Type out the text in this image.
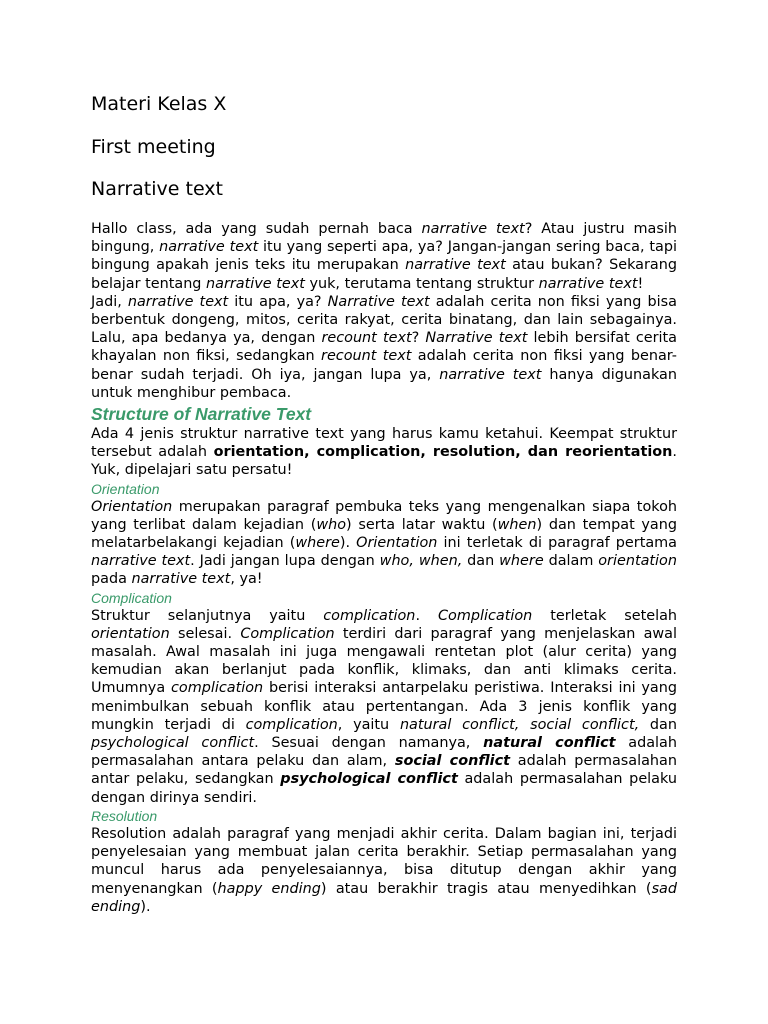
Materi Kelas X
First meeting
Narrative text

Hallo class, ada yang sudah pernah baca narrative text? Atau justru masih bingung, narrative text itu yang seperti apa, ya? Jangan-jangan sering baca, tapi bingung apakah jenis teks itu merupakan narrative text atau bukan? Sekarang belajar tentang narrative text yuk, terutama tentang struktur narrative text!

Jadi, narrative text itu apa, ya? Narrative text adalah cerita non fiksi yang bisa berbentuk dongeng, mitos, cerita rakyat, cerita binatang, dan lain sebagainya. Lalu, apa bedanya ya, dengan recount text? Narrative text lebih bersifat cerita khayalan non fiksi, sedangkan recount text adalah cerita non fiksi yang benar-benar sudah terjadi. Oh iya, jangan lupa ya, narrative text hanya digunakan untuk menghibur pembaca.

Structure of Narrative Text

Ada 4 jenis struktur narrative text yang harus kamu ketahui. Keempat struktur tersebut adalah orientation, complication, resolution, dan reorientation. Yuk, dipelajari satu persatu!

Orientation

Orientation merupakan paragraf pembuka teks yang mengenalkan siapa tokoh yang terlibat dalam kejadian (who) serta latar waktu (when) dan tempat yang melatarbelakangi kejadian (where). Orientation ini terletak di paragraf pertama narrative text. Jadi jangan lupa dengan who, when, dan where dalam orientation pada narrative text, ya!

Complication

Struktur selanjutnya yaitu complication. Complication terletak setelah orientation selesai. Complication terdiri dari paragraf yang menjelaskan awal masalah. Awal masalah ini juga mengawali rentetan plot (alur cerita) yang kemudian akan berlanjut pada konflik, klimaks, dan anti klimaks cerita. Umumnya complication berisi interaksi antarpelaku peristiwa. Interaksi ini yang menimbulkan sebuah konflik atau pertentangan. Ada 3 jenis konflik yang mungkin terjadi di complication, yaitu natural conflict, social conflict, dan psychological conflict. Sesuai dengan namanya, natural conflict adalah permasalahan antara pelaku dan alam, social conflict adalah permasalahan antar pelaku, sedangkan psychological conflict adalah permasalahan pelaku dengan dirinya sendiri.

Resolution

Resolution adalah paragraf yang menjadi akhir cerita. Dalam bagian ini, terjadi penyelesaian yang membuat jalan cerita berakhir. Setiap permasalahan yang muncul harus ada penyelesaiannya, bisa ditutup dengan akhir yang menyenangkan (happy ending) atau berakhir tragis atau menyedihkan (sad ending).
